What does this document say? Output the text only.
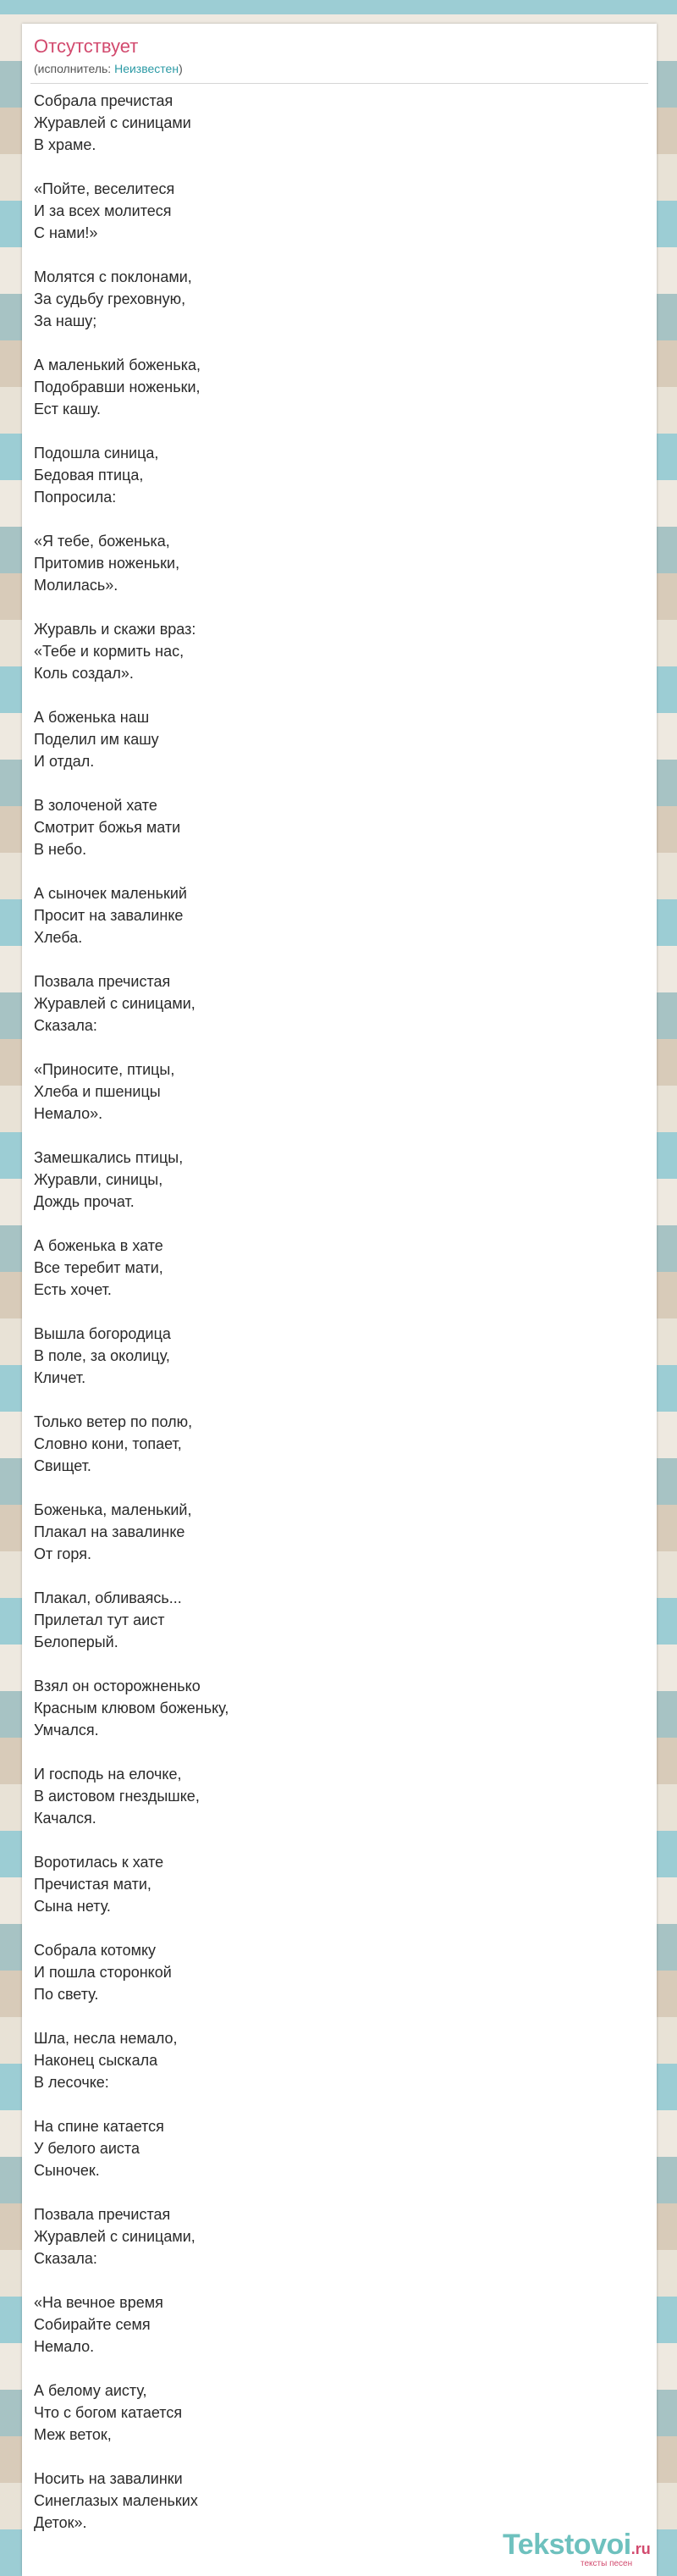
Отсутствует
(исполнитель: Неизвестен)
Собрала пречистая
Журавлей с синицами
В храме.

«Пойте, веселитеся
И за всех молитеся
С нами!»

Молятся с поклонами,
За судьбу греховную,
За нашу;

А маленький боженька,
Подобравши ноженьки,
Ест кашу.

Подошла синица,
Бедовая птица,
Попросила:

«Я тебе, боженька,
Притомив ноженьки,
Молилась».

Журавль и скажи враз:
«Тебе и кормить нас,
Коль создал».

А боженька наш
Поделил им кашу
И отдал.

В золоченой хате
Смотрит божья мати
В небо.

А сыночек маленький
Просит на завалинке
Хлеба.

Позвала пречистая
Журавлей с синицами,
Сказала:

«Приносите, птицы,
Хлеба и пшеницы
Немало».

Замешкались птицы,
Журавли, синицы,
Дождь прочат.

А боженька в хате
Все теребит мати,
Есть хочет.

Вышла богородица
В поле, за околицу,
Кличет.

Только ветер по полю,
Словно кони, топает,
Свищет.

Боженька, маленький,
Плакал на завалинке
От горя.

Плакал, обливаясь...
Прилетал тут аист
Белоперый.

Взял он осторожненько
Красным клювом боженьку,
Умчался.

И господь на елочке,
В аистовом гнездышке,
Качался.

Воротилась к хате
Пречистая мати,
Сына нету.

Собрала котомку
И пошла сторонкой
По свету.

Шла, несла немало,
Наконец сыскала
В лесочке:

На спине катается
У белого аиста
Сыночек.

Позвала пречистая
Журавлей с синицами,
Сказала:

«На вечное время
Собирайте семя
Немало.

А белому аисту,
Что с богом катается
Меж веток,

Носить на завалинки
Синеглазых маленьких
Деток».
Tekstovoi.ru
тексты песен
